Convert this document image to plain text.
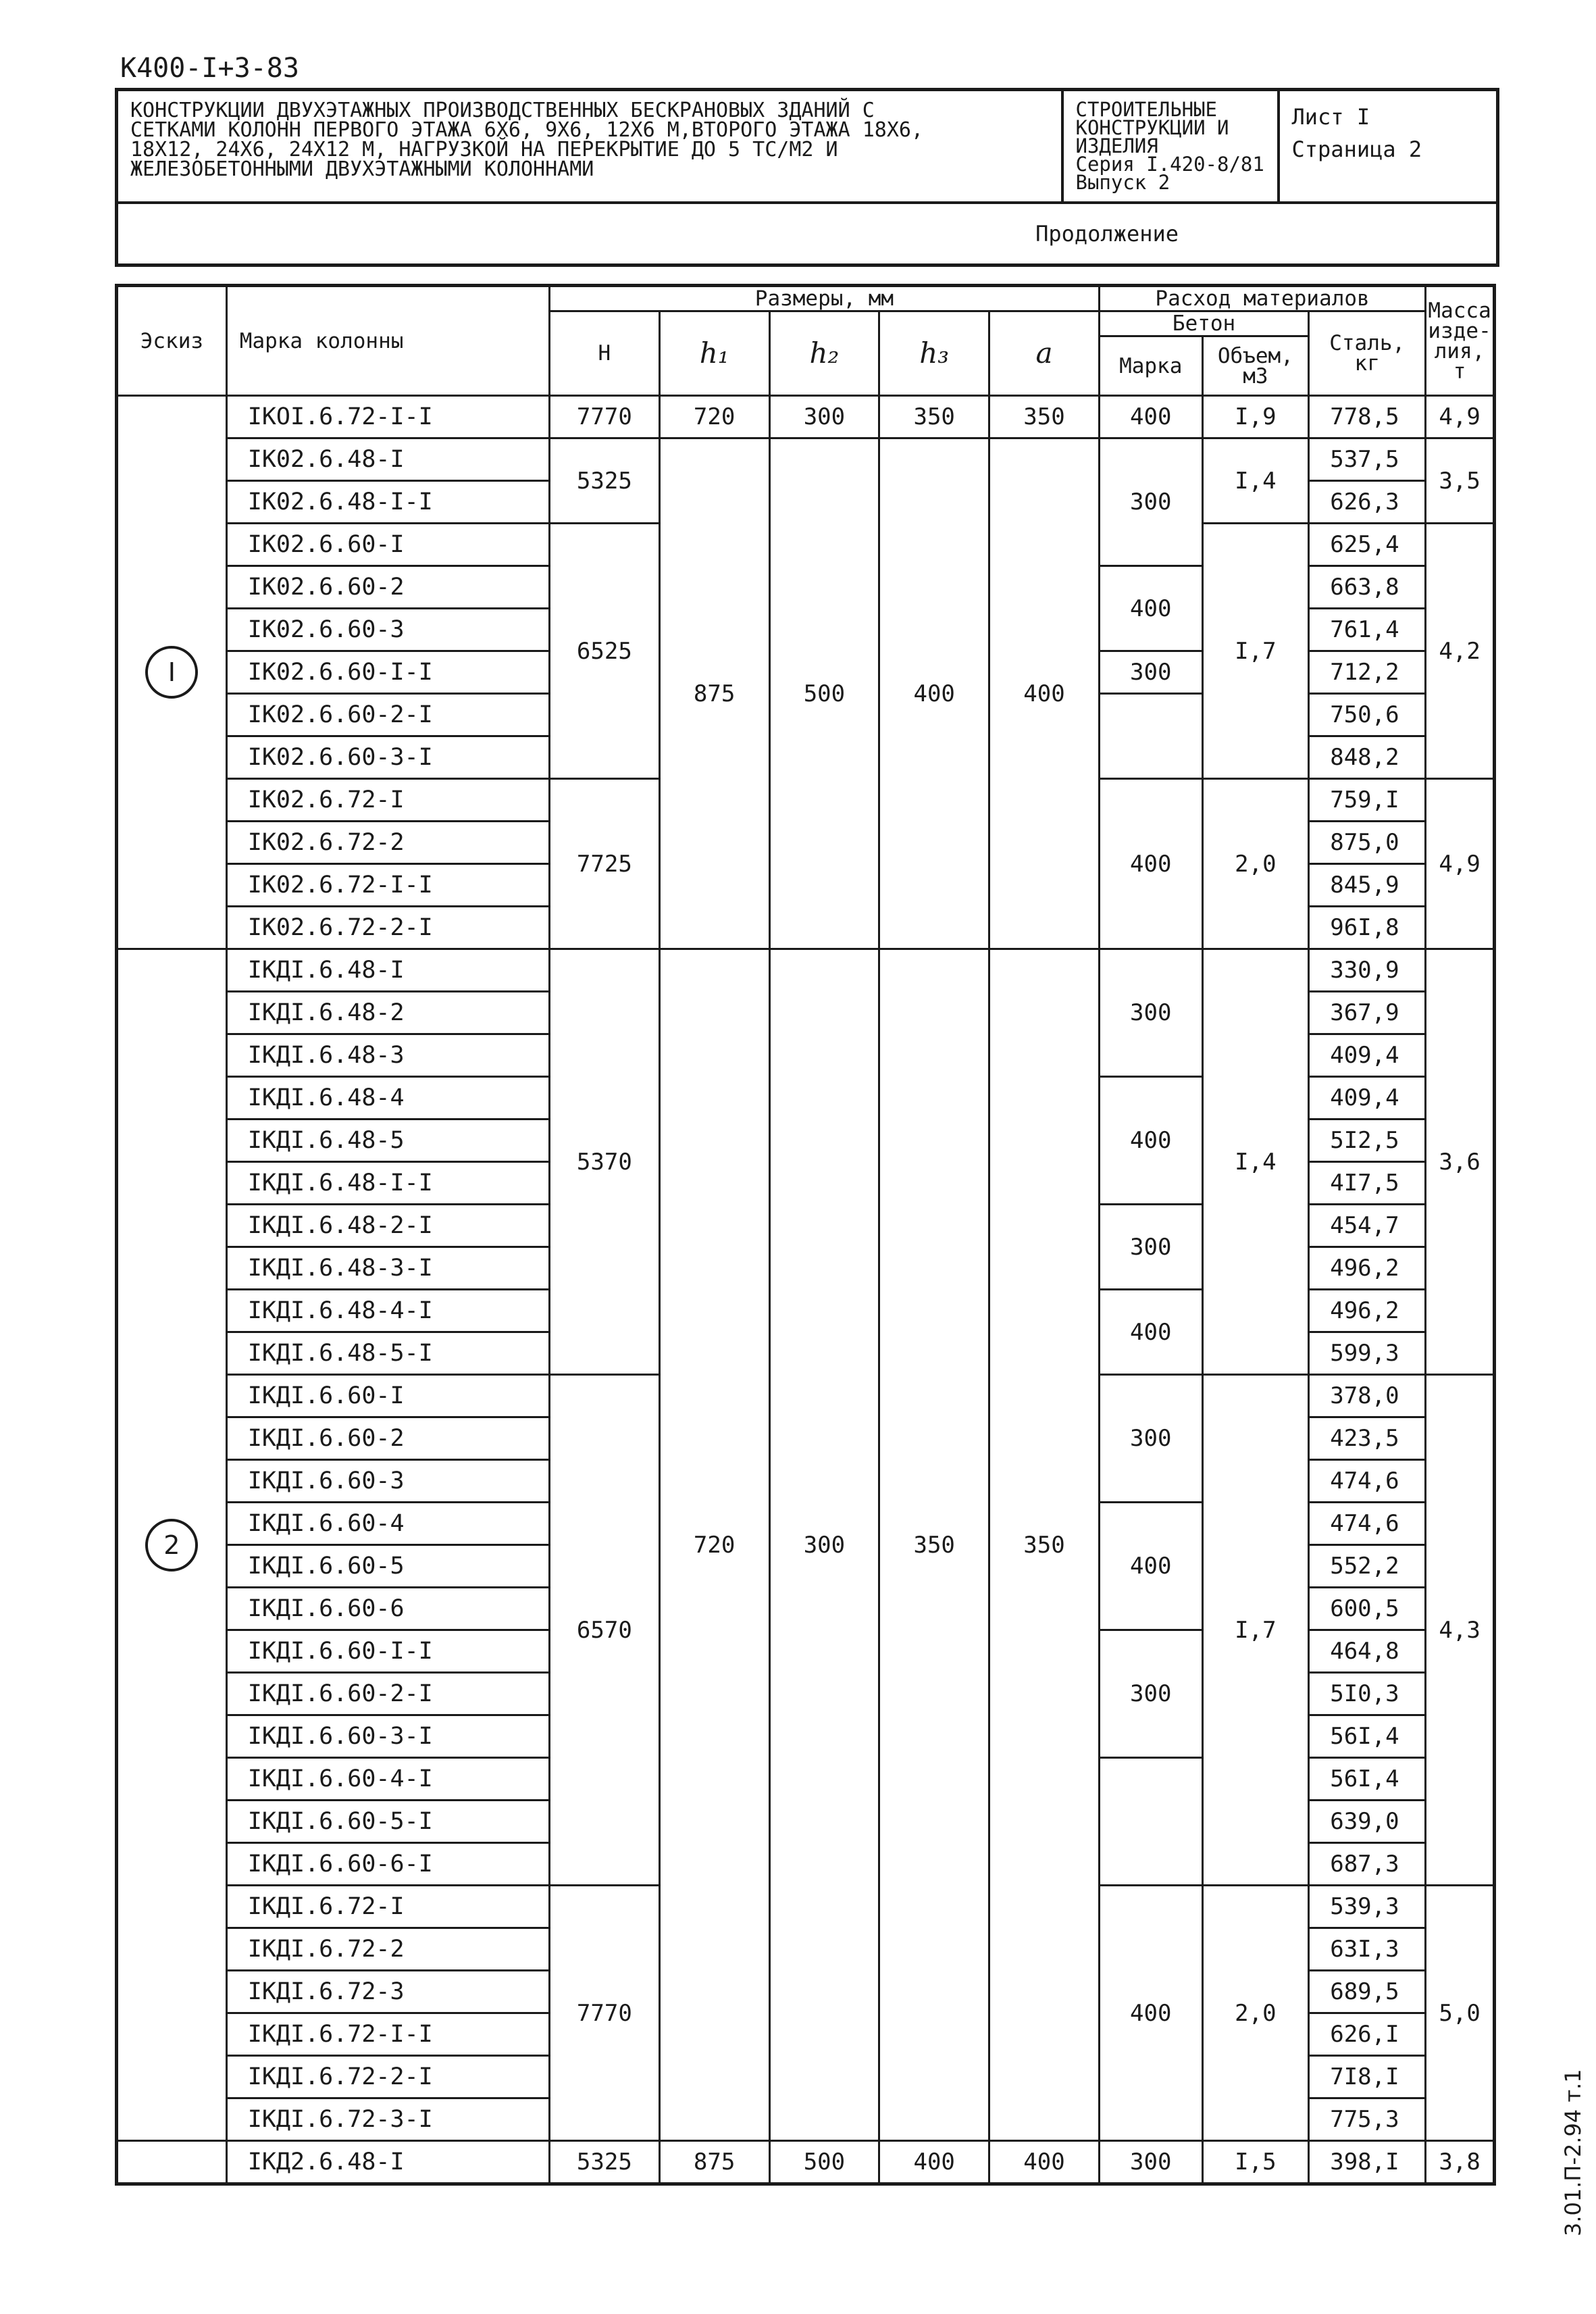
К400-I+3-83
КОНСТРУКЦИИ ДВУХЭТАЖНЫХ ПРОИЗВОДСТВЕННЫХ БЕСКРАНОВЫХ ЗДАНИЙ С
СЕТКАМИ КОЛОНН ПЕРВОГО ЭТАЖА 6Х6, 9Х6, 12Х6 М,ВТОРОГО ЭТАЖА 18Х6,
18Х12, 24Х6, 24Х12 М, НАГРУЗКОЙ НА ПЕРЕКРЫТИЕ ДО 5 ТС/М2 И
ЖЕЛЕЗОБЕТОННЫМИ ДВУХЭТАЖНЫМИ КОЛОННАМИ

СТРОИТЕЛЬНЫЕ
КОНСТРУКЦИИ И
ИЗДЕЛИЯ
Серия I.420-8/81
Выпуск 2

Лист I
Страница 2

Продолжение
Эскиз	Марка колонны	Размеры, мм					Расход материалов			Масса изде- лия, т
		H	h₁	h₂	h₃	a	Бетон		Сталь, кг	
							Марка	Объем, м3		
I	IКОI.6.72-I-I	7770	720	300	350	350	400	I,9	778,5	4,9
	IК02.6.48-I	5325	875	500	400	400	300	I,4	537,5	3,5
	IК02.6.48-I-I								626,3	
	IК02.6.60-I	6525						I,7	625,4	4,2
	IК02.6.60-2						400		663,8	
	IК02.6.60-3								761,4	
	IК02.6.60-I-I						300		712,2	
	IК02.6.60-2-I								750,6	
	IК02.6.60-3-I								848,2	
	IК02.6.72-I	7725					400	2,0	759,I	4,9
	IК02.6.72-2								875,0	
	IК02.6.72-I-I								845,9	
	IК02.6.72-2-I								96I,8	
2	IКДI.6.48-I	5370	720	300	350	350	300	I,4	330,9	3,6
	IКДI.6.48-2								367,9	
	IКДI.6.48-3								409,4	
	IКДI.6.48-4						400		409,4	
	IКДI.6.48-5								5I2,5	
	IКДI.6.48-I-I								4I7,5	
	IКДI.6.48-2-I						300		454,7	
	IКДI.6.48-3-I								496,2	
	IКДI.6.48-4-I						400		496,2	
	IКДI.6.48-5-I								599,3	
	IКДI.6.60-I	6570					300	I,7	378,0	4,3
	IКДI.6.60-2								423,5	
	IКДI.6.60-3								474,6	
	IКДI.6.60-4						400		474,6	
	IКДI.6.60-5								552,2	
	IКДI.6.60-6								600,5	
	IКДI.6.60-I-I						300		464,8	
	IКДI.6.60-2-I								5I0,3	
	IКДI.6.60-3-I								56I,4	
	IКДI.6.60-4-I								56I,4	
	IКДI.6.60-5-I								639,0	
	IКДI.6.60-6-I								687,3	
	IКДI.6.72-I	7770					400	2,0	539,3	5,0
	IКДI.6.72-2								63I,3	
	IКДI.6.72-3								689,5	
	IКДI.6.72-I-I								626,I	
	IКДI.6.72-2-I								7I8,I	
	IКДI.6.72-3-I								775,3	
	IКД2.6.48-I	5325	875	500	400	400	300	I,5	398,I	3,8	3.01.П-2.94 т.1
